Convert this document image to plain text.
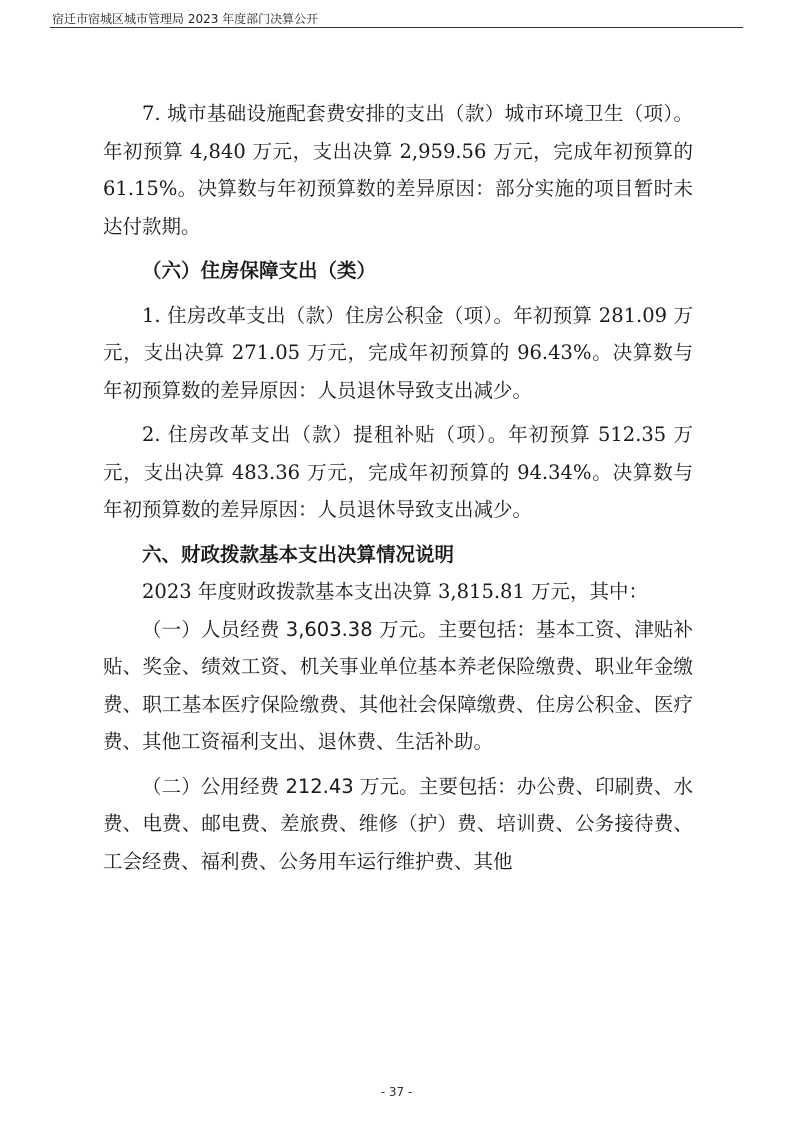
宿迁市宿城区城市管理局 2023 年度部门决算公开

7. 城市基础设施配套费安排的支出（款）城市环境卫生（项）。年初预算 4,840 万元，支出决算 2,959.56 万元，完成年初预算的 61.15%。决算数与年初预算数的差异原因：部分实施的项目暂时未达付款期。

（六）住房保障支出（类）

1. 住房改革支出（款）住房公积金（项）。年初预算 281.09 万元，支出决算 271.05 万元，完成年初预算的 96.43%。决算数与年初预算数的差异原因：人员退休导致支出减少。

2. 住房改革支出（款）提租补贴（项）。年初预算 512.35 万元，支出决算 483.36 万元，完成年初预算的 94.34%。决算数与年初预算数的差异原因：人员退休导致支出减少。

六、财政拨款基本支出决算情况说明

2023 年度财政拨款基本支出决算 3,815.81 万元，其中：

（一）人员经费 3,603.38 万元。主要包括：基本工资、津贴补贴、奖金、绩效工资、机关事业单位基本养老保险缴费、职业年金缴费、职工基本医疗保险缴费、其他社会保障缴费、住房公积金、医疗费、其他工资福利支出、退休费、生活补助。

（二）公用经费 212.43 万元。主要包括：办公费、印刷费、水费、电费、邮电费、差旅费、维修（护）费、培训费、公务接待费、工会经费、福利费、公务用车运行维护费、其他

- 37 -
